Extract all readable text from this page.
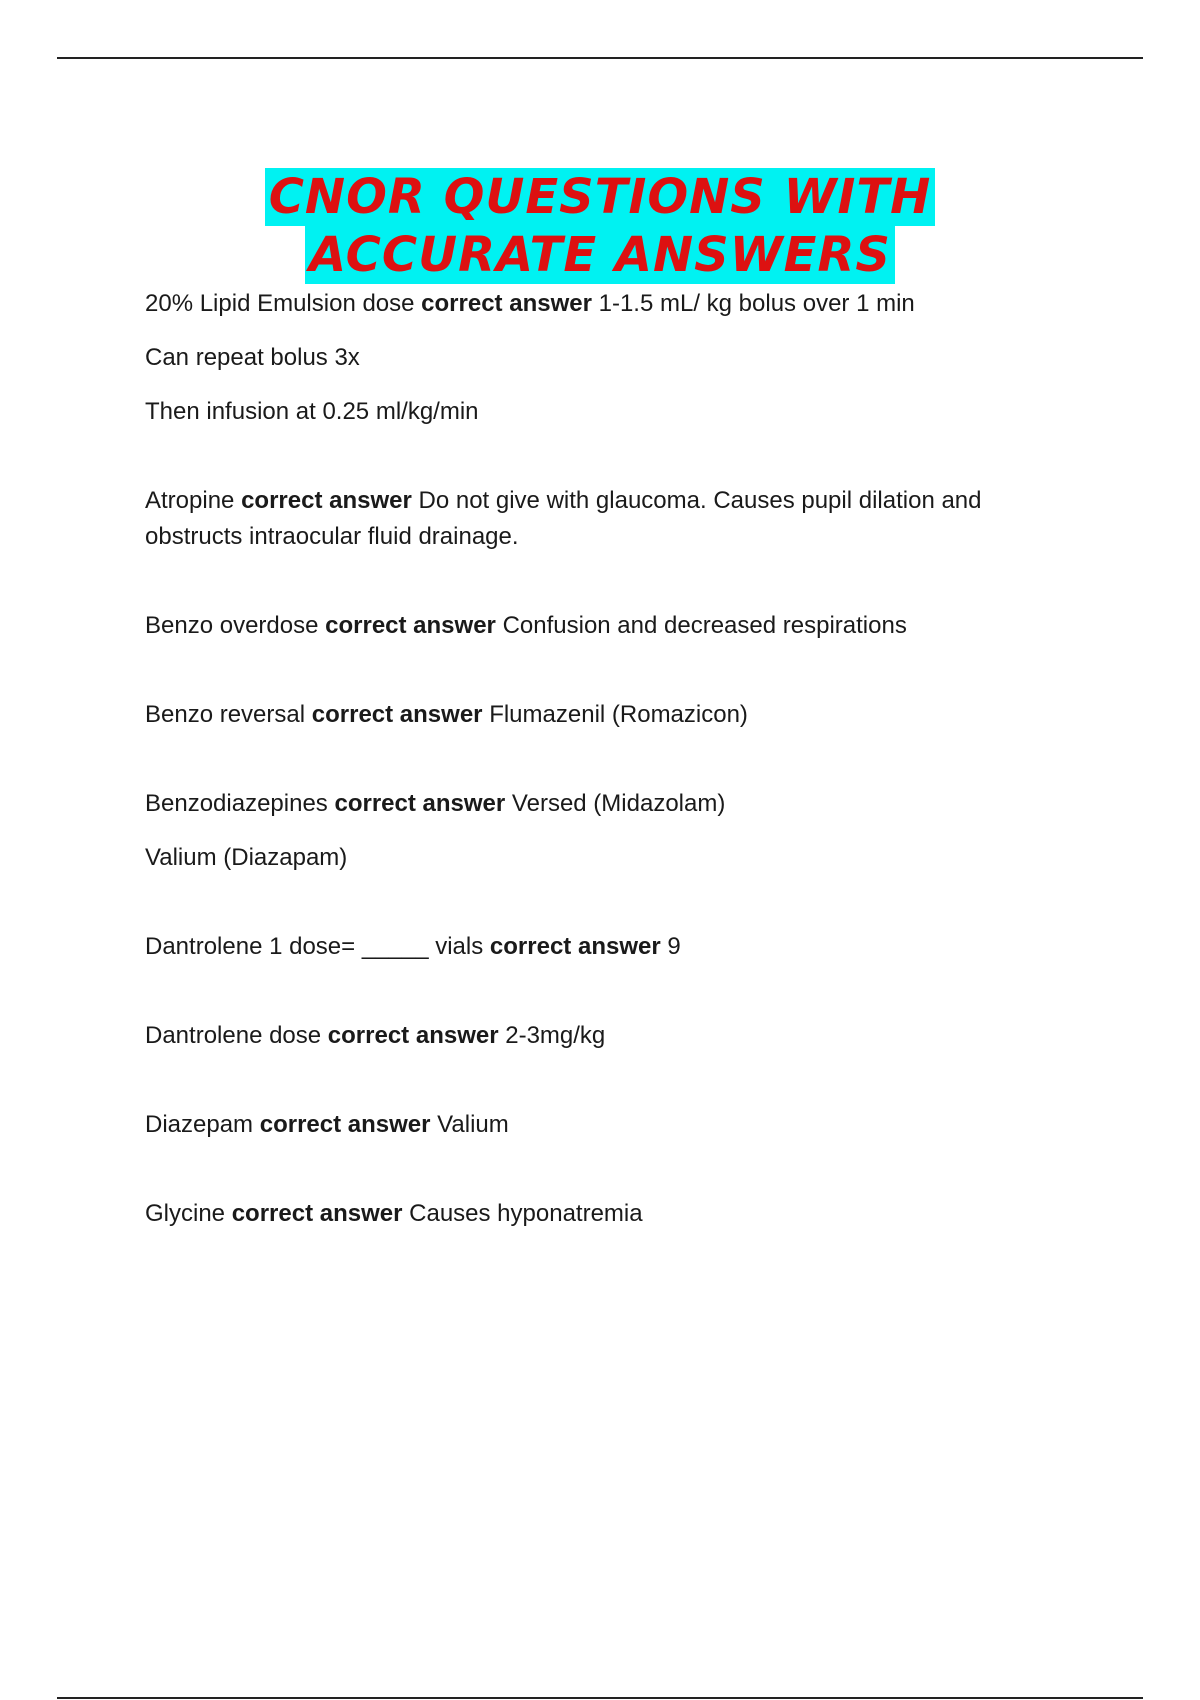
CNOR QUESTIONS WITH
ACCURATE ANSWERS

20% Lipid Emulsion dose correct answer 1-1.5 mL/ kg bolus over 1 min

Can repeat bolus 3x

Then infusion at 0.25 ml/kg/min

Atropine correct answer Do not give with glaucoma. Causes pupil dilation and obstructs intraocular fluid drainage.

Benzo overdose correct answer Confusion and decreased respirations

Benzo reversal correct answer Flumazenil (Romazicon)

Benzodiazepines correct answer Versed (Midazolam)

Valium (Diazapam)

Dantrolene 1 dose= _____ vials correct answer 9

Dantrolene dose correct answer 2-3mg/kg

Diazepam correct answer Valium

Glycine correct answer Causes hyponatremia
